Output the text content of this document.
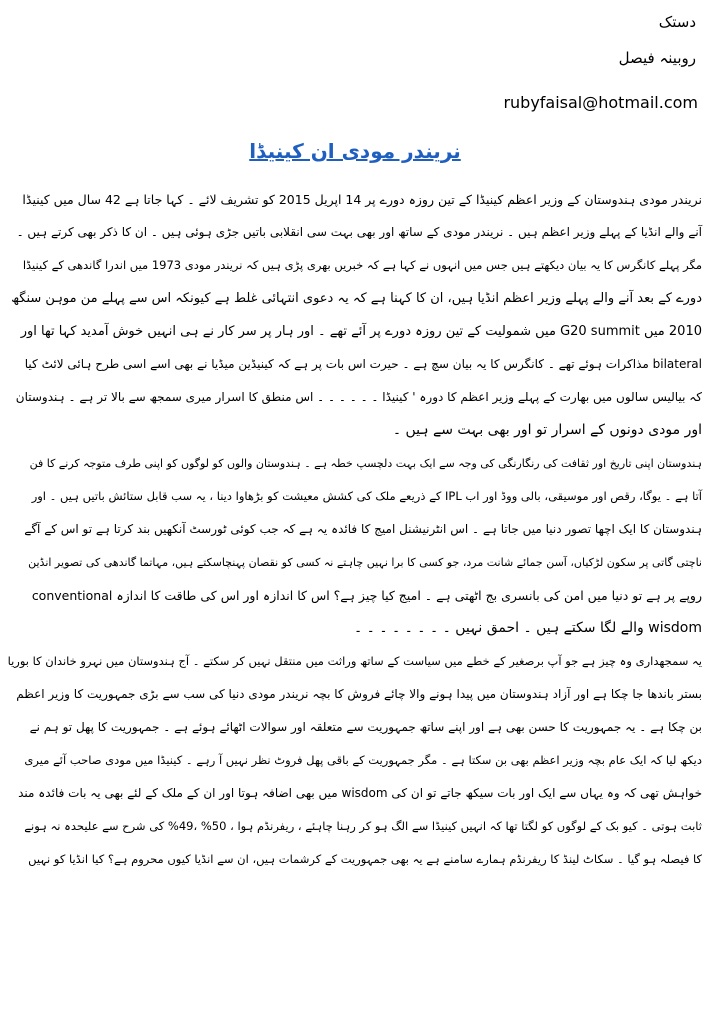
دستک
روبینہ فیصل
rubyfaisal@hotmail.com
نریندر مودی ان کینیڈا
نریندر مودی ہندوستان کے وزیر اعظم کینیڈا کے تین روزہ دورے پر 14 اپریل 2015 کو تشریف لائے ۔ کہا جاتا ہے 42 سال میں کینیڈا
آنے والے انڈیا کے پہلے وزیر اعظم ہیں ۔ نریندر مودی کے ساتھ اور بھی بہت سی انقلابی باتیں جڑی ہوئی ہیں ۔ ان کا ذکر بھی کرتے ہیں ۔
مگر پہلے کانگرس کا یہ بیان دیکھتے ہیں جس میں انہوں نے کہا ہے کہ خبریں بھری پڑی ہیں کہ نریندر مودی 1973 میں اندرا گاندھی کے کینیڈا
دورے کے بعد آنے والے پہلے وزیر اعظم انڈیا ہیں، ان کا کہنا ہے کہ یہ دعوی انتہائی غلط ہے کیونکہ اس سے پہلے من موہن سنگھ
2010 میں G20 summit میں شمولیت کے تین روزہ دورے پر آئے تھے ۔ اور ہار پر سر کار نے ہی انہیں خوش آمدید کہا تھا اور
bilateral مذاکرات ہوئے تھے ۔ کانگرس کا یہ بیان سچ ہے ۔ حیرت اس بات پر ہے کہ کینیڈین میڈیا نے بھی اسے اسی طرح ہائی لائٹ کیا
کہ بیالیس سالوں میں بھارت کے پہلے وزیر اعظم کا دورہ ' کینیڈا ۔ ۔ ۔ ۔ ۔ ۔ اس منطق کا اسرار میری سمجھ سے بالا تر ہے ۔ ہندوستان
اور مودی دونوں کے اسرار تو اور بھی بہت سے ہیں ۔
ہندوستان اپنی تاریخ اور ثقافت کی رنگارنگی کی وجہ سے ایک بہت دلچسپ خطہ ہے ۔ ہندوستان والوں کو لوگوں کو اپنی طرف متوجہ کرنے کا فن
آتا ہے ۔ یوگا، رقص اور موسیقی، بالی ووڈ اور اب IPL کے ذریعے ملک کی کشش معیشت کو بڑھاوا دینا ، یہ سب قابل ستائش باتیں ہیں ۔ اور
ہندوستان کا ایک اچھا تصور دنیا میں جاتا ہے ۔ اس انٹرنیشنل امیج کا فائدہ یہ ہے کہ جب کوئی ٹورسٹ آنکھیں بند کرتا ہے تو اس کے آگے
ناچتی گاتی پر سکون لڑکیاں، آسن جمائے شانت مرد، جو کسی کا برا نہیں چاہتے نہ کسی کو نقصان پہنچاسکتے ہیں، مہاتما گاندھی کی تصویر انڈین
روپے پر ہے تو دنیا میں امن کی بانسری بج اٹھتی ہے ۔ امیج کیا چیز ہے؟ اس کا اندازہ اور اس کی طاقت کا اندازہ conventional
wisdom والے لگا سکتے ہیں ۔ احمق نہیں ۔ ۔ ۔ ۔ ۔ ۔ ۔ ۔
یہ سمجھداری وہ چیز ہے جو آپ برصغیر کے خطے میں سیاست کے ساتھ وراثت میں منتقل نہیں کر سکتے ۔ آج ہندوستان میں نہرو خاندان کا بوریا
بستر باندھا جا چکا ہے اور آزاد ہندوستان میں پیدا ہونے والا چائے فروش کا بچہ نریندر مودی دنیا کی سب سے بڑی جمہوریت کا وزیر اعظم
بن چکا ہے ۔ یہ جمہوریت کا حسن بھی ہے اور اپنے ساتھ جمہوریت سے متعلقہ اور سوالات اٹھائے ہوئے ہے ۔ جمہوریت کا پھل تو ہم نے
دیکھ لیا کہ ایک عام بچہ وزیر اعظم بھی بن سکتا ہے ۔ مگر جمہوریت کے باقی پھل فروٹ نظر نہیں آ رہے ۔ کینیڈا میں مودی صاحب آئے میری
خواہش تھی کہ وہ یہاں سے ایک اور بات سیکھ جاتے تو ان کی wisdom میں بھی اضافہ ہوتا اور ان کے ملک کے لئے بھی یہ بات فائدہ مند
ثابت ہوتی ۔ کیو بک کے لوگوں کو لگتا تھا کہ انہیں کینیڈا سے الگ ہو کر رہنا چاہئے ، ریفرنڈم ہوا ، 50% ،49% کی شرح سے علیحدہ نہ ہونے
کا فیصلہ ہو گیا ۔ سکاٹ لینڈ کا ریفرنڈم ہمارے سامنے ہے یہ بھی جمہوریت کے کرشمات ہیں، ان سے انڈیا کیوں محروم ہے؟ کیا انڈیا کو نہیں
